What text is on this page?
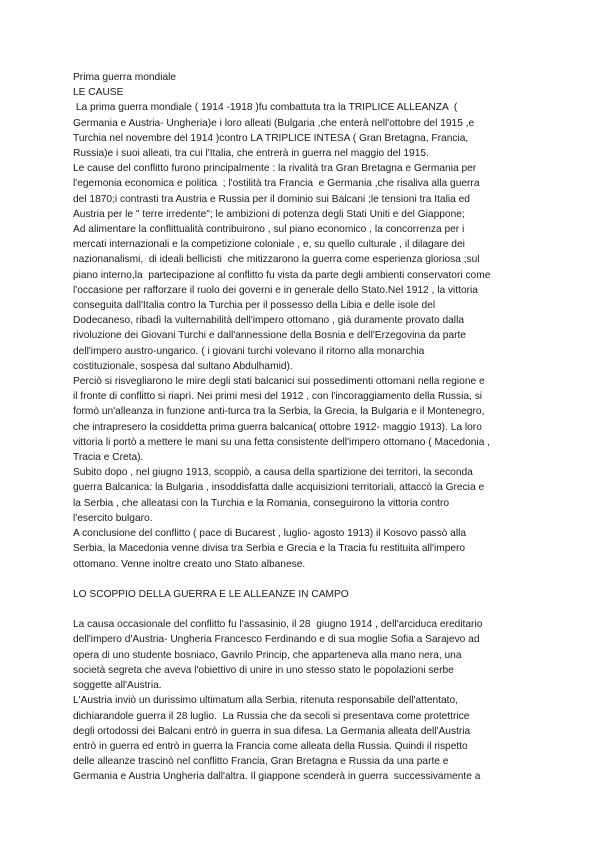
Prima guerra mondiale
LE CAUSE
La prima guerra mondiale ( 1914 -1918 )fu combattuta tra la TRIPLICE ALLEANZA  (
Germania e Austria- Ungheria)e i loro alleati (Bulgaria ,che enterà nell'ottobre del 1915 ,e
Turchia nel novembre del 1914 )contro LA TRIPLICE INTESA ( Gran Bretagna, Francia,
Russia)e i suoi alleati, tra cui l'Italia, che entrerà in guerra nel maggio del 1915.
Le cause del conflitto furono principalmente : la rivalità tra Gran Bretagna e Germania per
l'egemonia economica e politica  ; l'ostilità tra Francia  e Germania ,che risaliva alla guerra
del 1870;i contrasti tra Austria e Russia per il dominio sui Balcani ;le tensioni tra Italia ed
Austria per le " terre irredente"; le ambizioni di potenza degli Stati Uniti e del Giappone;
Ad alimentare la conflittualità contribuirono , sul piano economico , la concorrenza per i
mercati internazionali e la competizione coloniale , e, su quello culturale , il dilagare dei
nazionanalismi,  di ideali bellicisti  che mitizzarono la guerra come esperienza gloriosa ;sul
piano interno,la  partecipazione al conflitto fu vista da parte degli ambienti conservatori come
l'occasione per rafforzare il ruolo dei governi e in generale dello Stato.Nel 1912 , la vittoria
conseguita dall'Italia contro la Turchia per il possesso della Libia e delle isole del
Dodecaneso, ribadì la vulternabilità dell'impero ottomano , già duramente provato dalla
rivoluzione dei Giovani Turchi e dall'annessione della Bosnia e dell'Erzegovina da parte
dell'impero austro-ungarico. ( i giovani turchi volevano il ritorno alla monarchia
costituzionale, sospesa dal sultano Abdulhamid).
Perciò si risvegliarono le mire degli stati balcanici sui possedimenti ottomani nella regione e
il fronte di conflitto si riaprì. Nei primi mesi del 1912 , con l'incoraggiamento della Russia, si
formò un'alleanza in funzione anti-turca tra la Serbia, la Grecia, la Bulgaria e il Montenegro,
che intrapresero la cosiddetta prima guerra balcanica( ottobre 1912- maggio 1913). La loro
vittoria li portò a mettere le mani su una fetta consistente dell'impero ottomano ( Macedonia ,
Tracia e Creta).
Subito dopo , nel giugno 1913, scoppiò, a causa della spartizione dei territori, la seconda
guerra Balcanica: la Bulgaria , insoddisfatta dalle acquisizioni territoriali, attaccò la Grecia e
la Serbia , che alleatasi con la Turchia e la Romania, conseguirono la vittoria contro
l'esercito bulgaro.
A conclusione del conflitto ( pace di Bucarest , luglio- agosto 1913) il Kosovo passò alla
Serbia, la Macedonia venne divisa tra Serbia e Grecia e la Tracia fu restituita all'impero
ottomano. Venne inoltre creato uno Stato albanese.
LO SCOPPIO DELLA GUERRA E LE ALLEANZE IN CAMPO
La causa occasionale del conflitto fu l'assasinio, il 28  giugno 1914 , dell'arciduca ereditario
dell'impero d'Austria- Ungheria Francesco Ferdinando e di sua moglie Sofia a Sarajevo ad
opera di uno studente bosniaco, Gavrilo Princip, che apparteneva alla mano nera, una
società segreta che aveva l'obiettivo di unire in uno stesso stato le popolazioni serbe
soggette all'Austria.
L'Austria inviò un durissimo ultimatum alla Serbia, ritenuta responsabile dell'attentato,
dichiarandole guerra il 28 luglio.  La Russia che da secoli si presentava come protettrice
degli ortodossi dei Balcani entrò in guerra in sua difesa. La Germania alleata dell'Austria
entrò in guerra ed entrò in guerra la Francia come alleata della Russia. Quindi il rispetto
delle alleanze trascinò nel conflitto Francia, Gran Bretagna e Russia da una parte e
Germania e Austria Ungheria dall'altra. Il giappone scenderà in guerra  successivamente a
